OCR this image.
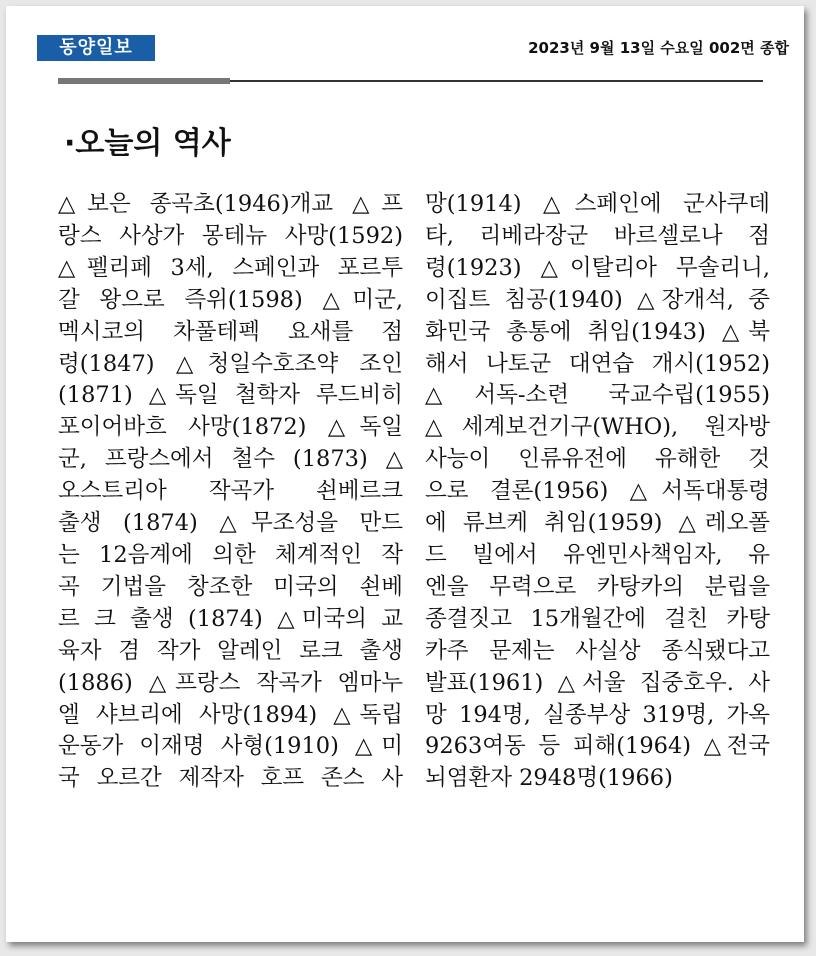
동양일보	2023년 9월 13일 수요일 002면 종합
·오늘의 역사
△보은 종곡초(1946)개교 △프
랑스 사상가 몽테뉴 사망(1592)
△펠리페 3세, 스페인과 포르투
갈 왕으로 즉위(1598) △미군,
멕시코의 차풀테펙 요새를 점
령(1847) △청일수호조약 조인
(1871) △독일 철학자 루드비히
포이어바흐 사망(1872) △독일
군, 프랑스에서 철수 (1873) △
오스트리아 작곡가 쇤베르크
출생 (1874) △무조성을 만드
는 12음계에 의한 체계적인 작
곡 기법을 창조한 미국의 쇤베
르 크 출생 (1874) △미국의 교
육자 겸 작가 알레인 로크 출생
(1886) △프랑스 작곡가 엠마누
엘 샤브리에 사망(1894) △독립
운동가 이재명 사형(1910) △미
국 오르간 제작자 호프 존스 사
망(1914) △스페인에 군사쿠데
타, 리베라장군 바르셀로나 점
령(1923) △이탈리아 무솔리니,
이집트 침공(1940) △장개석, 중
화민국 총통에 취임(1943) △북
해서 나토군 대연습 개시(1952)
△서독-소련 국교수립(1955)
△세계보건기구(WHO), 원자방
사능이 인류유전에 유해한 것
으로 결론(1956) △서독대통령
에 류브케 취임(1959) △레오폴
드 빌에서 유엔민사책임자, 유
엔을 무력으로 카탕카의 분립을
종결짓고 15개월간에 걸친 카탕
카주 문제는 사실상 종식됐다고
발표(1961) △서울 집중호우. 사
망 194명, 실종부상 319명, 가옥
9263여동 등 피해(1964) △전국
뇌염환자 2948명(1966)
